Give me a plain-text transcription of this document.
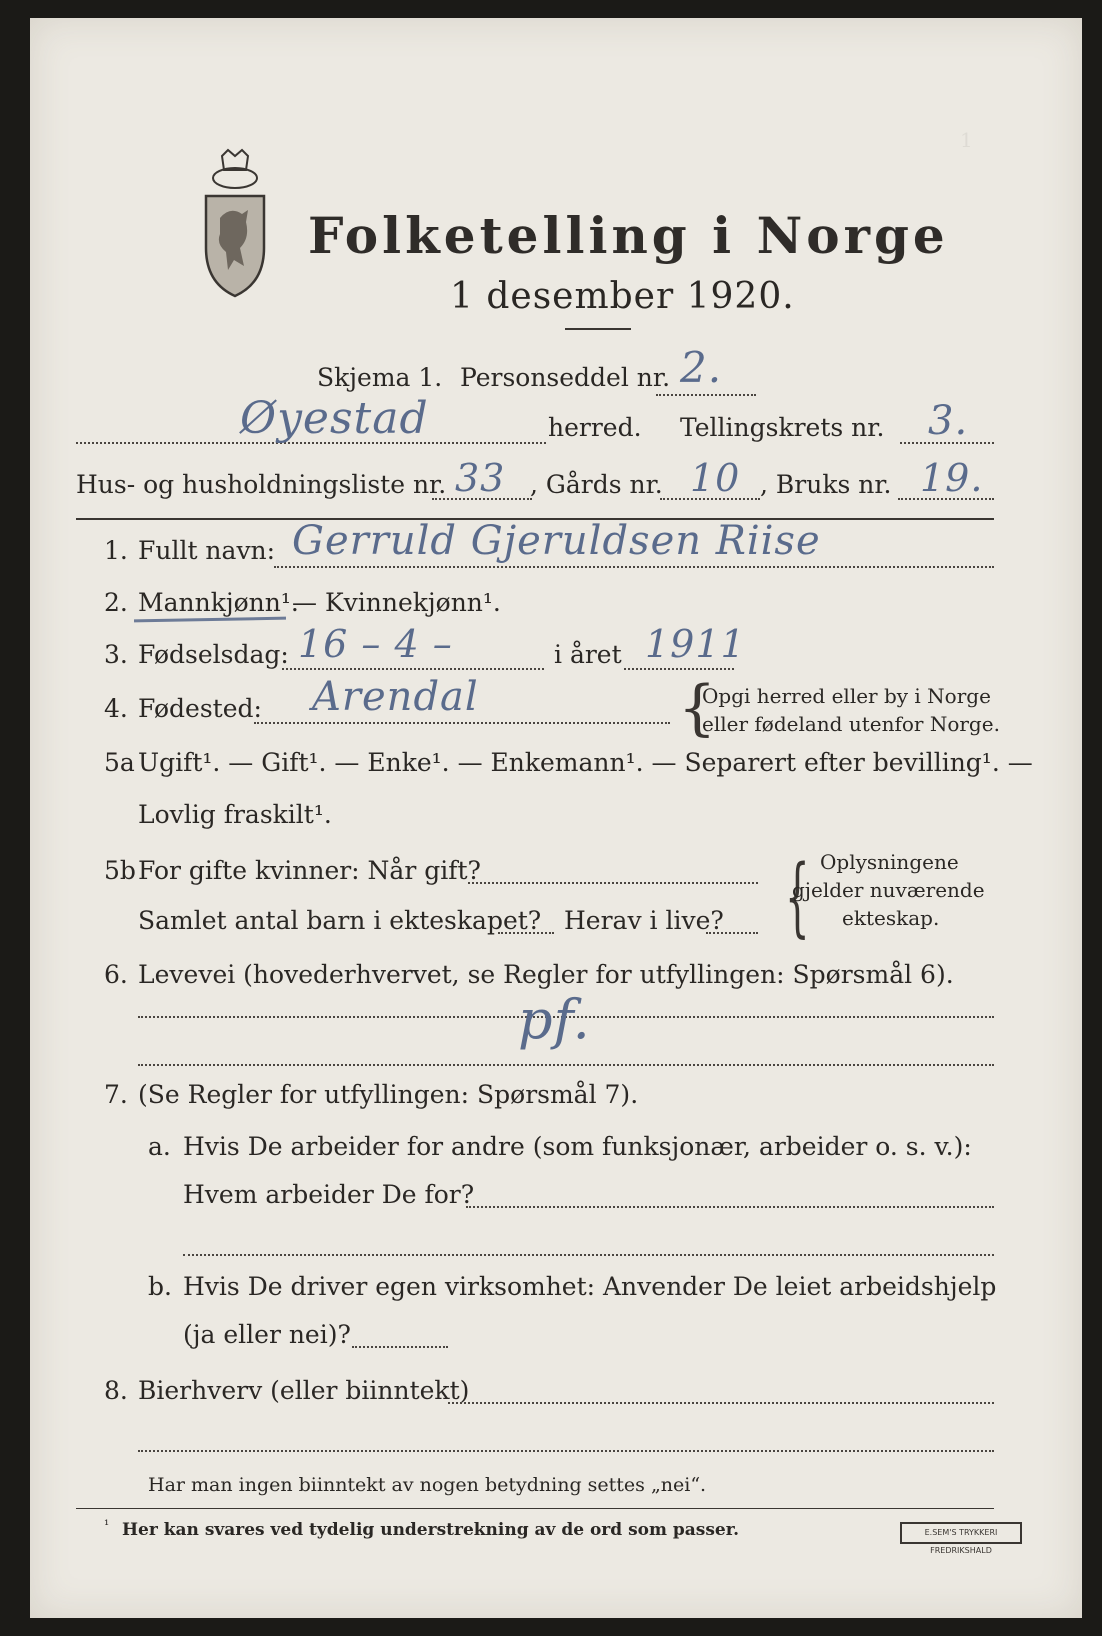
1
Folketelling i Norge
1 desember 1920.
Skjema 1. Personseddel nr. 2.
Øyestad	herred. Tellingskrets nr. 3.
Hus- og husholdningsliste nr. 33 , Gårds nr. 10 , Bruks nr. 19.
1. Fullt navn: Gerruld Gjeruldsen Riise
2. Mannkjønn¹.
— Kvinnekjønn¹.
3. Fødselsdag: 16 – 4 –	i året 1911
4. Fødested: Arendal	{
Opgi herred eller by i Norge
eller fødeland utenfor Norge.
5a Ugift¹. — Gift¹. — Enke¹. — Enkemann¹. — Separert efter bevilling¹. —
Lovlig fraskilt¹.
5b For gifte kvinner: Når gift?
Samlet antal barn i ekteskapet? Herav i live? { Oplysningene
gjelder nuværende
ekteskap.
6. Levevei (hovederhvervet, se Regler for utfyllingen: Spørsmål 6).
pf.
7. (Se Regler for utfyllingen: Spørsmål 7).
a. Hvis De arbeider for andre (som funksjonær, arbeider o. s. v.):
Hvem arbeider De for?
b. Hvis De driver egen virksomhet: Anvender De leiet arbeidshjelp
(ja eller nei)?
8. Bierhverv (eller biinntekt)
Har man ingen biinntekt av nogen betydning settes „nei“.
¹ Her kan svares ved tydelig understrekning av de ord som passer.	E.SEM'S TRYKKERI FREDRIKSHALD
